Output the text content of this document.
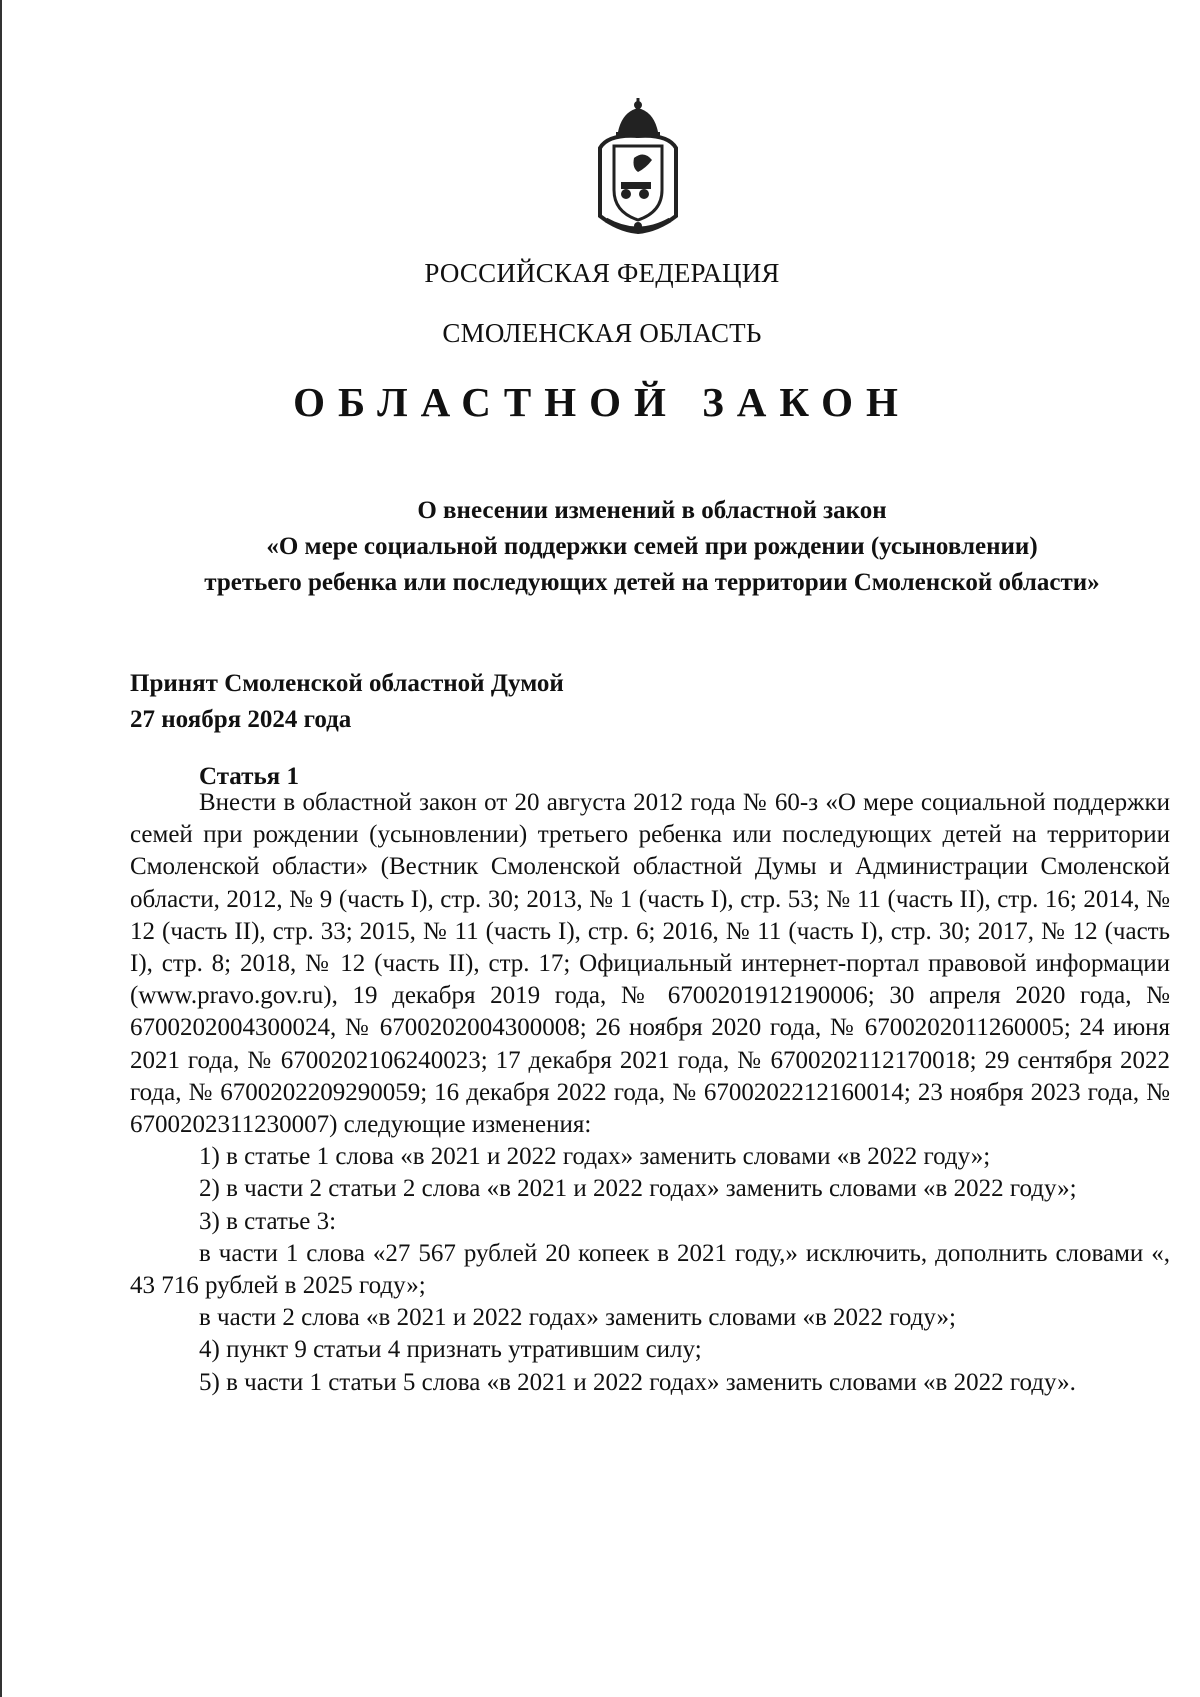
РОССИЙСКАЯ ФЕДЕРАЦИЯ
СМОЛЕНСКАЯ ОБЛАСТЬ
ОБЛАСТНОЙ ЗАКОН
О внесении изменений в областной закон
«О мере социальной поддержки семей при рождении (усыновлении)
третьего ребенка или последующих детей на территории Смоленской области»
Принят Смоленской областной Думой
27 ноября 2024 года
Статья 1

Внести в областной закон от 20 августа 2012 года № 60-з «О мере социальной поддержки семей при рождении (усыновлении) третьего ребенка или последующих детей на территории Смоленской области» (Вестник Смоленской областной Думы и Администрации Смоленской области, 2012, № 9 (часть I), стр. 30; 2013, № 1 (часть I), стр. 53; № 11 (часть II), стр. 16; 2014, № 12 (часть II), стр. 33; 2015, № 11 (часть I), стр. 6; 2016, № 11 (часть I), стр. 30; 2017, № 12 (часть I), стр. 8; 2018, № 12 (часть II), стр. 17; Официальный интернет-портал правовой информации (www.pravo.gov.ru), 19 декабря 2019 года, № 6700201912190006; 30 апреля 2020 года, № 6700202004300024, № 6700202004300008; 26 ноября 2020 года, № 6700202011260005; 24 июня 2021 года, № 6700202106240023; 17 декабря 2021 года, № 6700202112170018; 29 сентября 2022 года, № 6700202209290059; 16 декабря 2022 года, № 6700202212160014; 23 ноября 2023 года, № 6700202311230007) следующие изменения:

1) в статье 1 слова «в 2021 и 2022 годах» заменить словами «в 2022 году»;

2) в части 2 статьи 2 слова «в 2021 и 2022 годах» заменить словами «в 2022 году»;

3) в статье 3:

в части 1 слова «27 567 рублей 20 копеек в 2021 году,» исключить, дополнить словами «, 43 716 рублей в 2025 году»;

в части 2 слова «в 2021 и 2022 годах» заменить словами «в 2022 году»;

4) пункт 9 статьи 4 признать утратившим силу;

5) в части 1 статьи 5 слова «в 2021 и 2022 годах» заменить словами «в 2022 году».
